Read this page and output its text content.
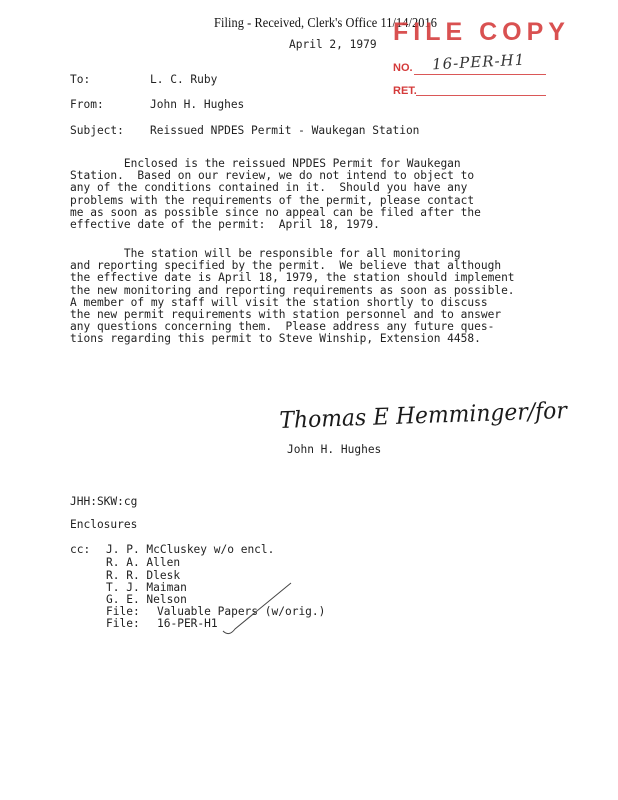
Filing - Received, Clerk's Office 11/14/2016
April 2, 1979 FILE COPY
NO. 16-PER-H1
RET.
To:	L. C. Ruby
From:	John H. Hughes
Subject: Reissued NPDES Permit - Waukegan Station

Enclosed is the reissued NPDES Permit for Waukegan

Station.  Based on our review, we do not intend to object to

any of the conditions contained in it.  Should you have any

problems with the requirements of the permit, please contact

me as soon as possible since no appeal can be filed after the

effective date of the permit:  April 18, 1979.

The station will be responsible for all monitoring

and reporting specified by the permit.  We believe that although

the effective date is April 18, 1979, the station should implement

the new monitoring and reporting requirements as soon as possible.

A member of my staff will visit the station shortly to discuss

the new permit requirements with station personnel and to answer

any questions concerning them.  Please address any future ques-

tions regarding this permit to Steve Winship, Extension 4458.

Thomas E Hemminger/for
John H. Hughes
JHH:SKW:cg
Enclosures
cc: J. P. McCluskey w/o encl.
R. A. Allen
R. R. Dlesk
T. J. Maiman
G. E. Nelson
File: Valuable Papers (w/orig.)
File: 16-PER-H1
